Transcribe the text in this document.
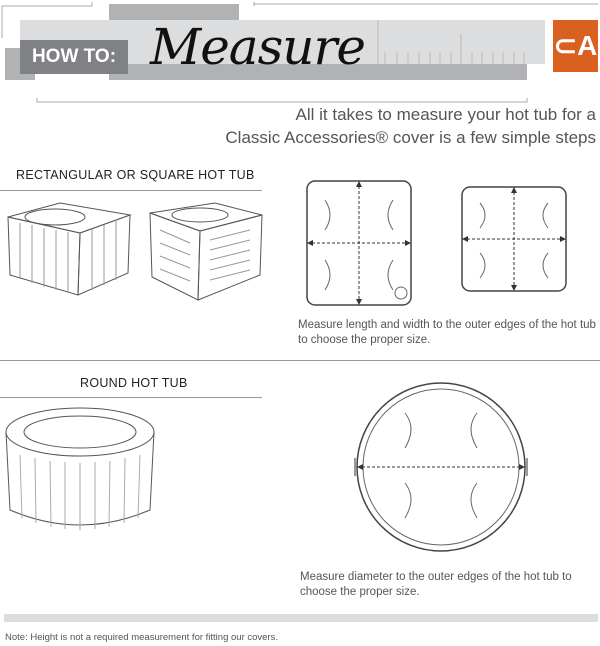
HOW TO: Measure	⊂A
All it takes to measure your hot tub for a
Classic Accessories® cover is a few simple steps
RECTANGULAR OR SQUARE HOT TUB
Measure length and width to the outer edges of the hot tub to choose the proper size.
ROUND HOT TUB
Measure diameter to the outer edges of the hot tub to choose the proper size.
Note: Height is not a required measurement for fitting our covers.
